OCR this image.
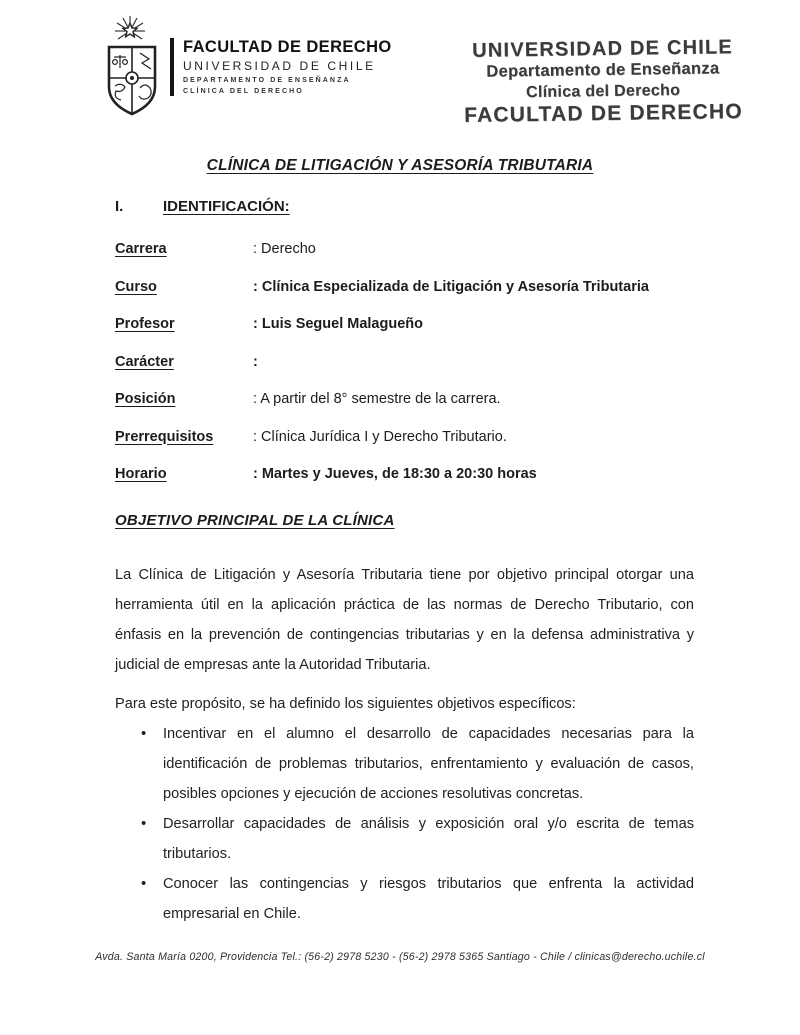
FACULTAD DE DERECHO
UNIVERSIDAD DE CHILE
DEPARTAMENTO DE ENSEÑANZA
CLÍNICA DEL DERECHO
UNIVERSIDAD DE CHILE
Departamento de Enseñanza
Clínica del Derecho
FACULTAD DE DERECHO
CLÍNICA DE LITIGACIÓN Y ASESORÍA TRIBUTARIA
I.	IDENTIFICACIÓN:
Carrera	: Derecho
Curso	: Clínica Especializada de Litigación y Asesoría Tributaria
Profesor	: Luis Seguel Malagueño
Carácter	:
Posición	: A partir del 8° semestre de la carrera.
Prerrequisitos	: Clínica Jurídica I y Derecho Tributario.
Horario	: Martes y Jueves, de 18:30 a 20:30 horas
OBJETIVO PRINCIPAL DE LA CLÍNICA

La Clínica de Litigación y Asesoría Tributaria tiene por objetivo principal otorgar una herramienta útil en la aplicación práctica de las normas de Derecho Tributario, con énfasis en la prevención de contingencias tributarias y en la defensa administrativa y judicial de empresas ante la Autoridad Tributaria.

Para este propósito, se ha definido los siguientes objetivos específicos:

• Incentivar en el alumno el desarrollo de capacidades necesarias para la identificación de problemas tributarios, enfrentamiento y evaluación de casos, posibles opciones y ejecución de acciones resolutivas concretas.
• Desarrollar capacidades de análisis y exposición oral y/o escrita de temas tributarios.
• Conocer las contingencias y riesgos tributarios que enfrenta la actividad empresarial en Chile.
Avda. Santa María 0200, Providencia Tel.: (56-2) 2978 5230 - (56-2) 2978 5365 Santiago - Chile / clinicas@derecho.uchile.cl
